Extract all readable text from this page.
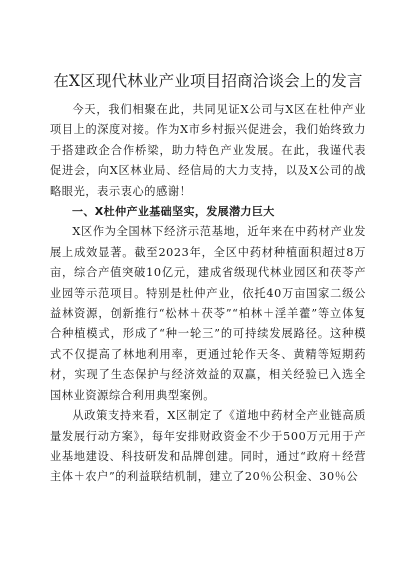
在X区现代林业产业项目招商洽谈会上的发言

今天，我们相聚在此，共同见证X公司与X区在杜仲产业项目上的深度对接。作为X市乡村振兴促进会，我们始终致力于搭建政企合作桥梁，助力特色产业发展。在此，我谨代表促进会，向X区林业局、经信局的大力支持，以及X公司的战略眼光，表示衷心的感谢！

一、X杜仲产业基础坚实，发展潜力巨大

X区作为全国林下经济示范基地，近年来在中药材产业发展上成效显著。截至2023年，全区中药材种植面积超过8万亩，综合产值突破10亿元，建成省级现代林业园区和茯苓产业园等示范项目。特别是杜仲产业，依托40万亩国家二级公益林资源，创新推行“松林＋茯苓”“柏林＋淫羊藿”等立体复合种植模式，形成了“种一轮三”的可持续发展路径。这种模式不仅提高了林地利用率，更通过轮作天冬、黄精等短期药材，实现了生态保护与经济效益的双赢，相关经验已入选全国林业资源综合利用典型案例。

从政策支持来看，X区制定了《道地中药材全产业链高质量发展行动方案》，每年安排财政资金不少于500万元用于产业基地建设、科技研发和品牌创建。同时，通过“政府＋经营主体＋农户”的利益联结机制，建立了20％公积金、30％公
